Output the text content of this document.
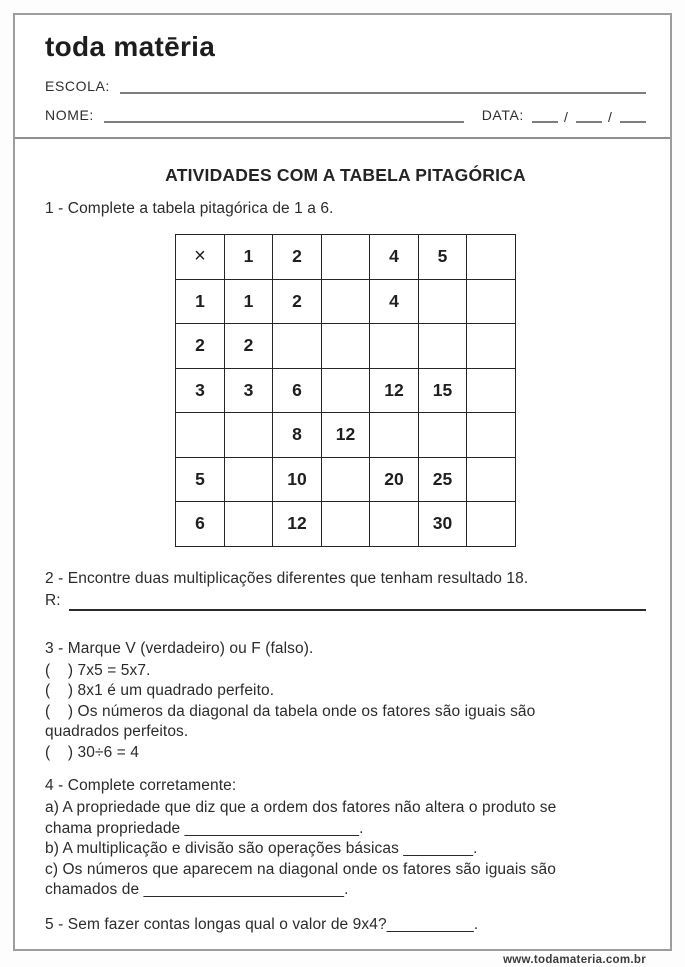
toda matēria
ESCOLA:
NOME:	DATA:	/	/
ATIVIDADES COM A TABELA PITAGÓRICA

1 - Complete a tabela pitagórica de 1 a 6.

×	1	2		4	5	
1	1	2		4		
2	2					
3	3	6		12	15	
		8	12			
5		10		20	25	
6		12			30	

2 - Encontre duas multiplicações diferentes que tenham resultado 18.

R:

3 - Marque V (verdadeiro) ou F (falso).

(    ) 7x5 = 5x7.

(    ) 8x1 é um quadrado perfeito.

(    ) Os números da diagonal da tabela onde os fatores são iguais são

quadrados perfeitos.

(    ) 30÷6 = 4

4 - Complete corretamente:

a) A propriedade que diz que a ordem dos fatores não altera o produto se

chama propriedade ____________________.

b) A multiplicação e divisão são operações básicas ________.

c) Os números que aparecem na diagonal onde os fatores são iguais são

chamados de _______________________.

5 - Sem fazer contas longas qual o valor de 9x4?__________.

www.todamateria.com.br
